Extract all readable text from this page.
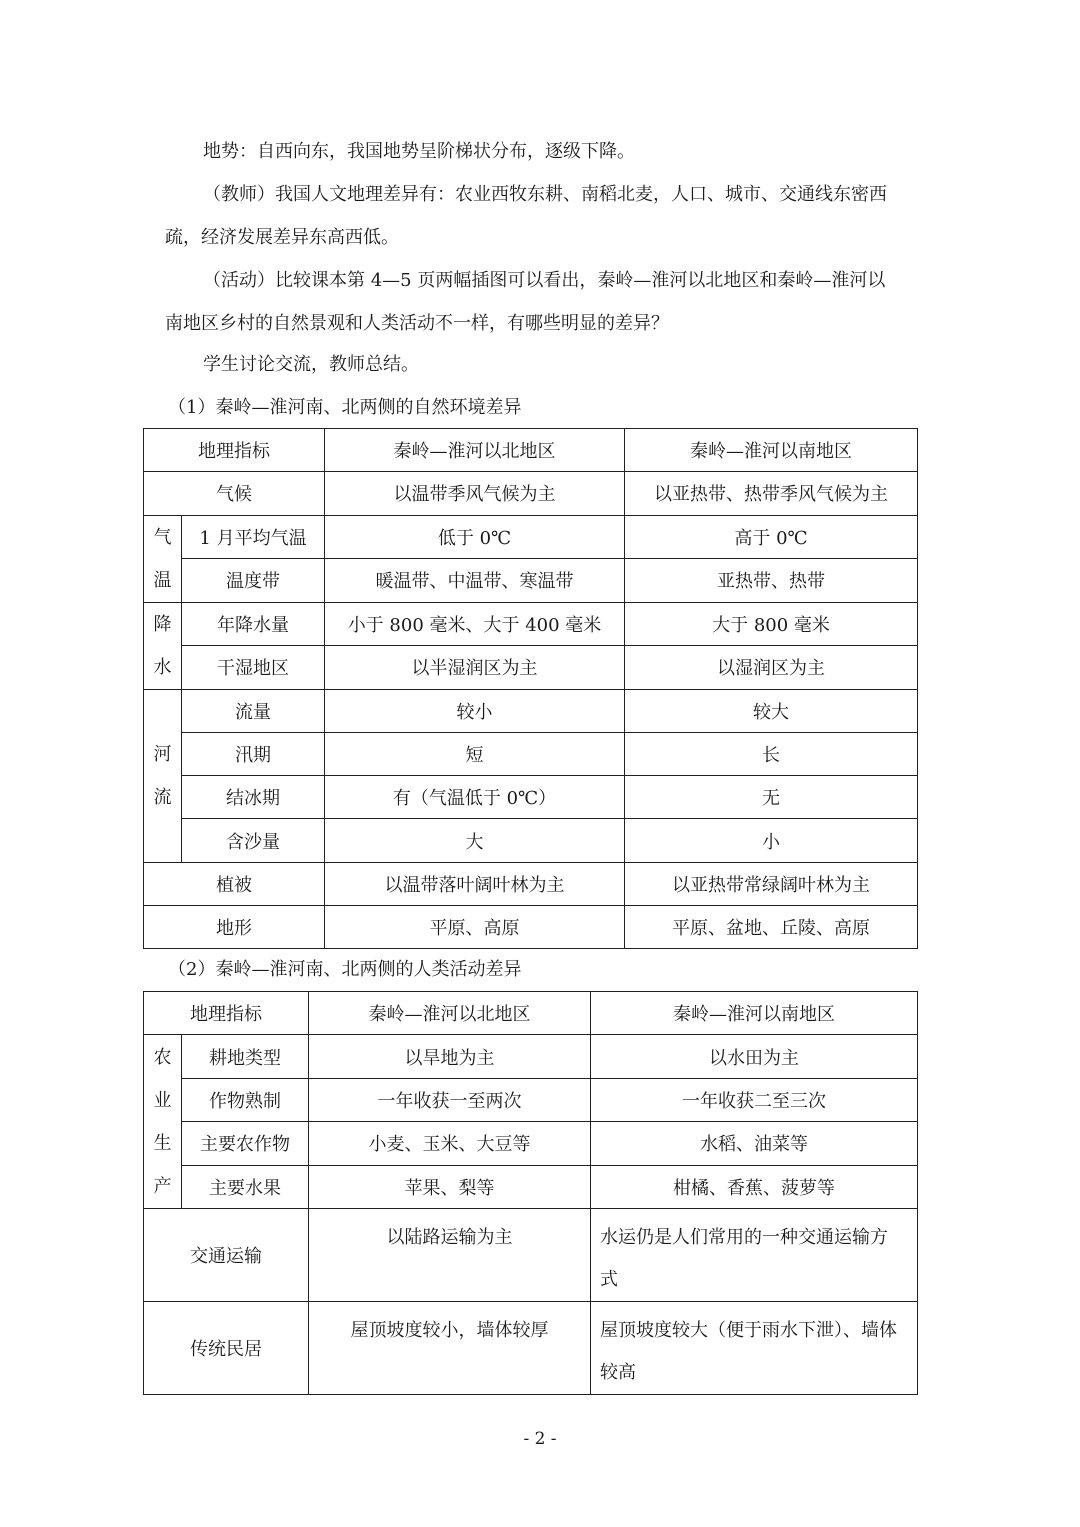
地势：自西向东，我国地势呈阶梯状分布，逐级下降。

（教师）我国人文地理差异有：农业西牧东耕、南稻北麦，人口、城市、交通线东密西

疏，经济发展差异东高西低。

（活动）比较课本第 4—5 页两幅插图可以看出，秦岭—淮河以北地区和秦岭—淮河以

南地区乡村的自然景观和人类活动不一样，有哪些明显的差异？

学生讨论交流，教师总结。

（1）秦岭—淮河南、北两侧的自然环境差异

地理指标		秦岭—淮河以北地区	秦岭—淮河以南地区
气候		以温带季风气候为主	以亚热带、热带季风气候为主

气
温	1 月平均气温	低于 0℃	高于 0℃
	温度带	暖温带、中温带、寒温带	亚热带、热带

降
水	年降水量	小于 800 毫米、大于 400 毫米	大于 800 毫米
	干湿地区	以半湿润区为主	以湿润区为主

河
流	流量	较小	较大
	汛期	短	长
	结冰期	有（气温低于 0℃）	无
	含沙量	大	小
植被		以温带落叶阔叶林为主	以亚热带常绿阔叶林为主
地形		平原、高原	平原、盆地、丘陵、高原

（2）秦岭—淮河南、北两侧的人类活动差异

地理指标		秦岭—淮河以北地区	秦岭—淮河以南地区

农
业
生
产	耕地类型	以旱地为主	以水田为主
	作物熟制	一年收获一至两次	一年收获二至三次
	主要农作物	小麦、玉米、大豆等	水稻、油菜等
	主要水果	苹果、梨等	柑橘、香蕉、菠萝等
交通运输		以陆路运输为主	水运仍是人们常用的一种交通运输方
式
传统民居		屋顶坡度较小，墙体较厚	屋顶坡度较大（便于雨水下泄）、墙体
较高
- 2 -
